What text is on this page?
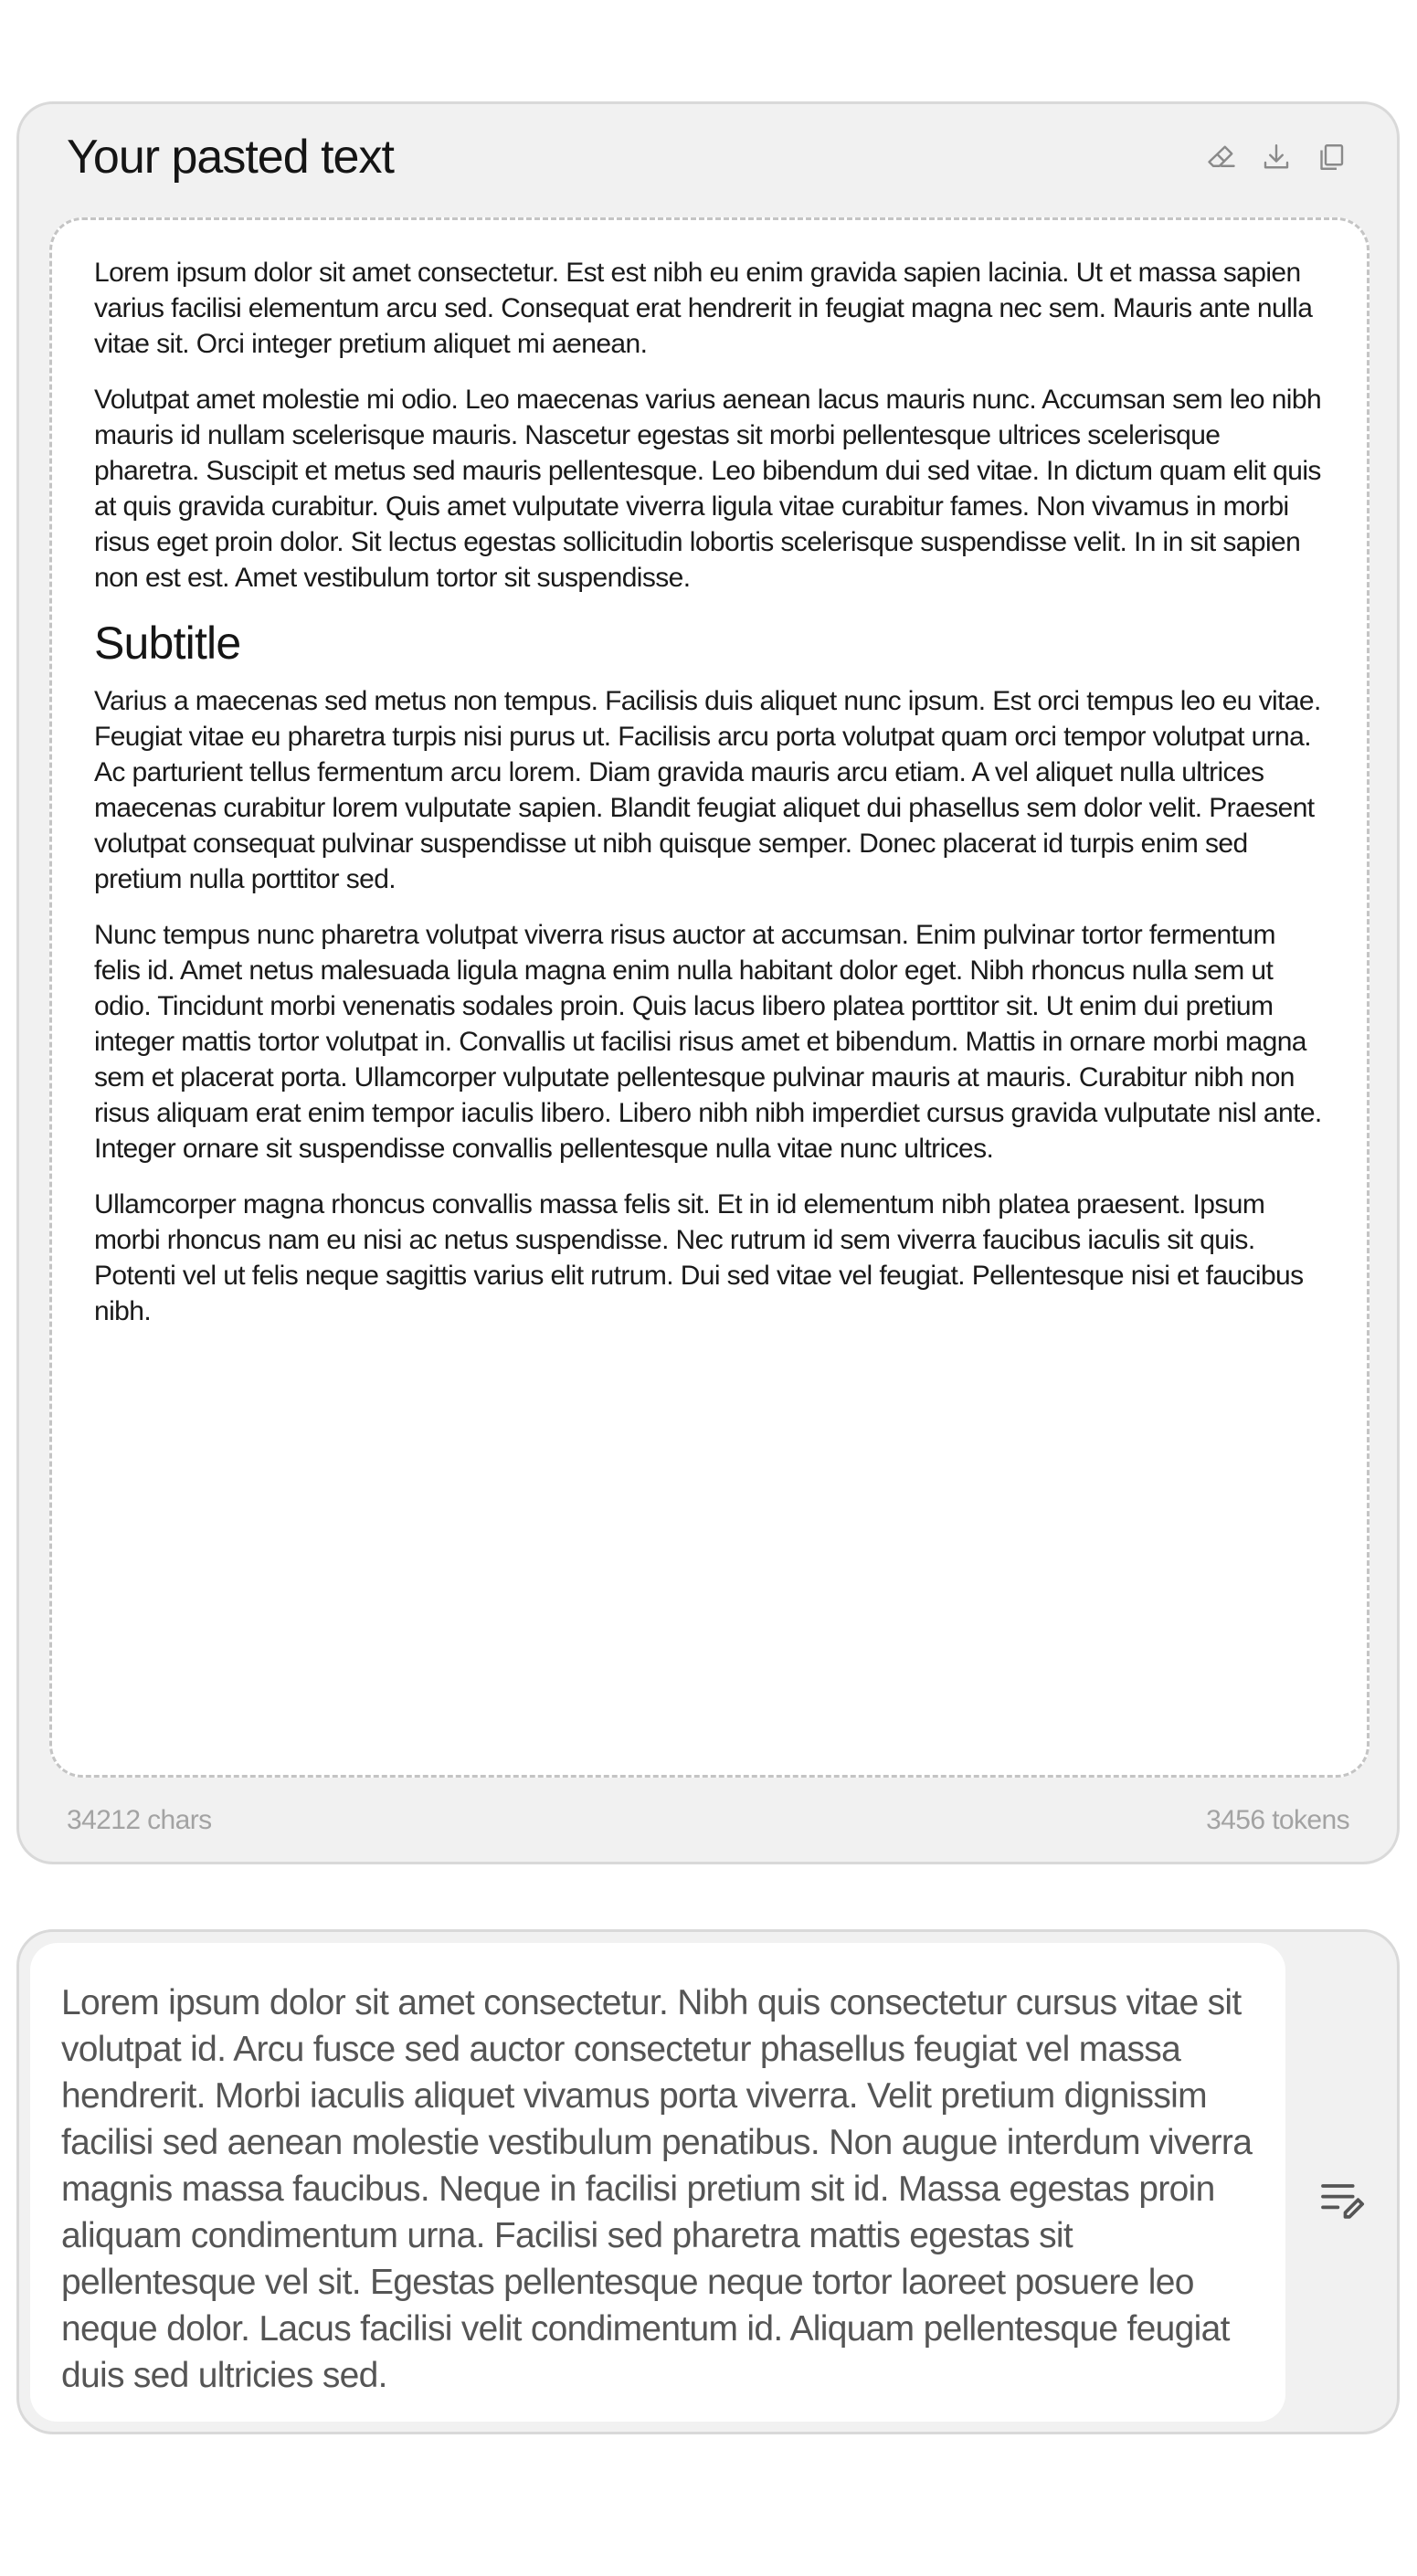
Your pasted text

Lorem ipsum dolor sit amet consectetur. Est est nibh eu enim gravida sapien lacinia. Ut et massa sapien varius facilisi elementum arcu sed. Consequat erat hendrerit in feugiat magna nec sem. Mauris ante nulla vitae sit. Orci integer pretium aliquet mi aenean.

Volutpat amet molestie mi odio. Leo maecenas varius aenean lacus mauris nunc. Accumsan sem leo nibh mauris id nullam scelerisque mauris. Nascetur egestas sit morbi pellentesque ultrices scelerisque pharetra. Suscipit et metus sed mauris pellentesque. Leo bibendum dui sed vitae. In dictum quam elit quis at quis gravida curabitur. Quis amet vulputate viverra ligula vitae curabitur fames. Non vivamus in morbi risus eget proin dolor. Sit lectus egestas sollicitudin lobortis scelerisque suspendisse velit. In in sit sapien non est est. Amet vestibulum tortor sit suspendisse.

Subtitle

Varius a maecenas sed metus non tempus. Facilisis duis aliquet nunc ipsum. Est orci tempus leo eu vitae. Feugiat vitae eu pharetra turpis nisi purus ut. Facilisis arcu porta volutpat quam orci tempor volutpat urna. Ac parturient tellus fermentum arcu lorem. Diam gravida mauris arcu etiam. A vel aliquet nulla ultrices maecenas curabitur lorem vulputate sapien. Blandit feugiat aliquet dui phasellus sem dolor velit. Praesent volutpat consequat pulvinar suspendisse ut nibh quisque semper. Donec placerat id turpis enim sed pretium nulla porttitor sed.

Nunc tempus nunc pharetra volutpat viverra risus auctor at accumsan. Enim pulvinar tortor fermentum felis id. Amet netus malesuada ligula magna enim nulla habitant dolor eget. Nibh rhoncus nulla sem ut odio. Tincidunt morbi venenatis sodales proin. Quis lacus libero platea porttitor sit. Ut enim dui pretium integer mattis tortor volutpat in. Convallis ut facilisi risus amet et bibendum. Mattis in ornare morbi magna sem et placerat porta. Ullamcorper vulputate pellentesque pulvinar mauris at mauris. Curabitur nibh non risus aliquam erat enim tempor iaculis libero. Libero nibh nibh imperdiet cursus gravida vulputate nisl ante. Integer ornare sit suspendisse convallis pellentesque nulla vitae nunc ultrices.

Ullamcorper magna rhoncus convallis massa felis sit. Et in id elementum nibh platea praesent. Ipsum morbi rhoncus nam eu nisi ac netus suspendisse. Nec rutrum id sem viverra faucibus iaculis sit quis. Potenti vel ut felis neque sagittis varius elit rutrum. Dui sed vitae vel feugiat. Pellentesque nisi et faucibus nibh.

34212 chars	3456 tokens
Lorem ipsum dolor sit amet consectetur. Nibh quis consectetur cursus vitae sit volutpat id. Arcu fusce sed auctor consectetur phasellus feugiat vel massa hendrerit. Morbi iaculis aliquet vivamus porta viverra. Velit pretium dignissim facilisi sed aenean molestie vestibulum penatibus. Non augue interdum viverra magnis massa faucibus. Neque in facilisi pretium sit id. Massa egestas proin aliquam condimentum urna. Facilisi sed pharetra mattis egestas sit pellentesque vel sit. Egestas pellentesque neque tortor laoreet posuere leo neque dolor. Lacus facilisi velit condimentum id. Aliquam pellentesque feugiat duis sed ultricies sed.
